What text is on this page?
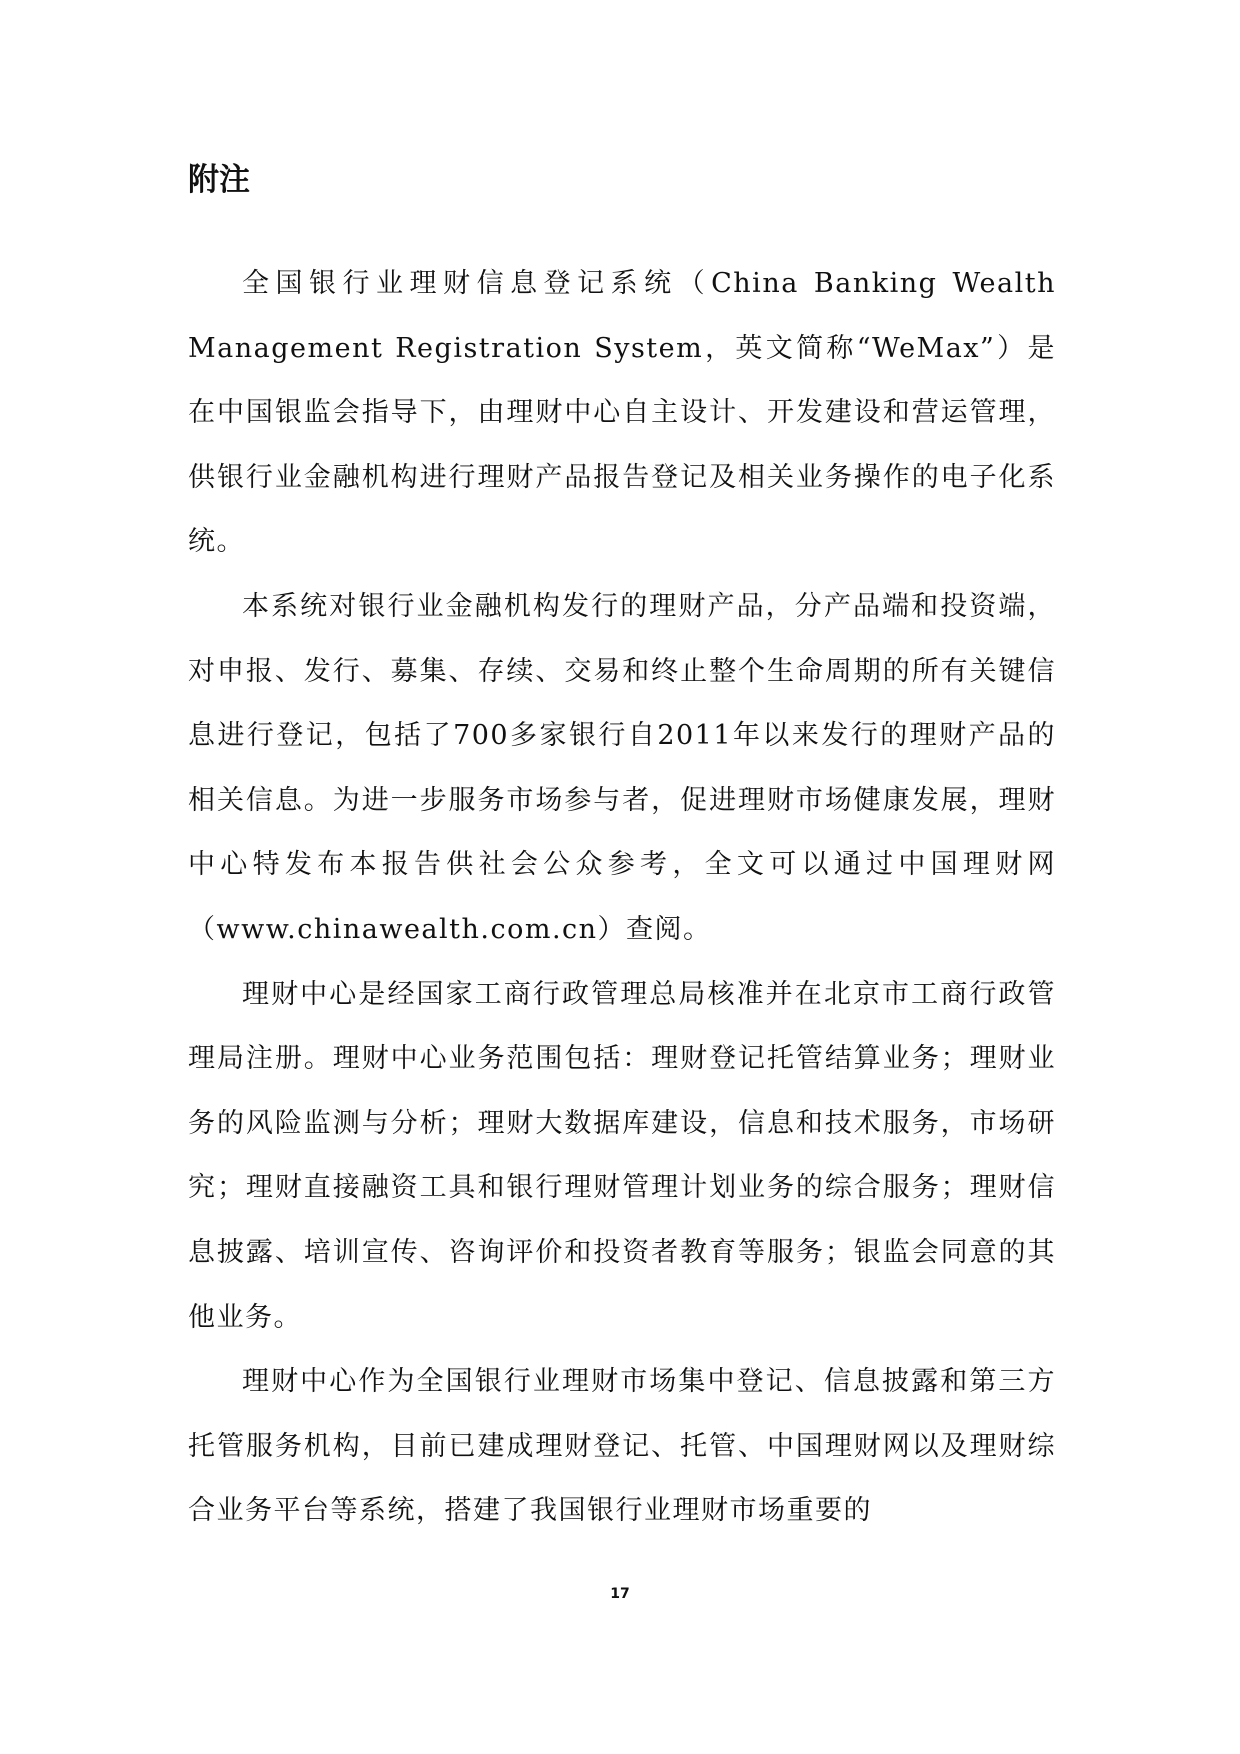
附注

全国银行业理财信息登记系统（China Banking Wealth Management Registration System，英文简称“WeMax”）是在中国银监会指导下，由理财中心自主设计、开发建设和营运管理，供银行业金融机构进行理财产品报告登记及相关业务操作的电子化系统。

本系统对银行业金融机构发行的理财产品，分产品端和投资端，对申报、发行、募集、存续、交易和终止整个生命周期的所有关键信息进行登记，包括了700多家银行自2011年以来发行的理财产品的相关信息。为进一步服务市场参与者，促进理财市场健康发展，理财中心特发布本报告供社会公众参考，全文可以通过中国理财网（www.chinawealth.com.cn）查阅。

理财中心是经国家工商行政管理总局核准并在北京市工商行政管理局注册。理财中心业务范围包括：理财登记托管结算业务；理财业务的风险监测与分析；理财大数据库建设，信息和技术服务，市场研究；理财直接融资工具和银行理财管理计划业务的综合服务；理财信息披露、培训宣传、咨询评价和投资者教育等服务；银监会同意的其他业务。

理财中心作为全国银行业理财市场集中登记、信息披露和第三方托管服务机构，目前已建成理财登记、托管、中国理财网以及理财综合业务平台等系统，搭建了我国银行业理财市场重要的

17
